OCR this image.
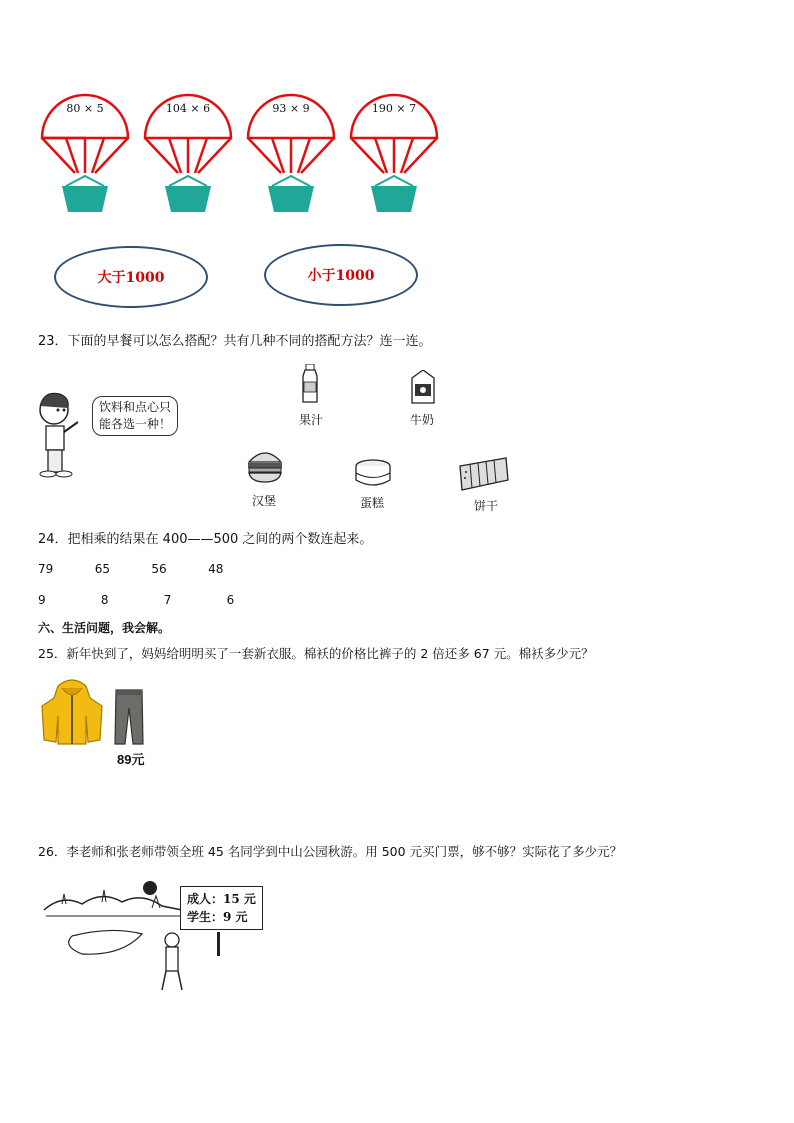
80 × 5	104 × 6	93 × 9	190 × 7
大于1000	小于1000
23．下面的早餐可以怎么搭配？共有几种不同的搭配方法？连一连。
饮料和点心只
能各选一种！	果汁	牛奶
汉堡	蛋糕	饼干
24．把相乘的结果在 400——500 之间的两个数连起来。
79   65   56   48
9    8    7    6
六、生活问题，我会解。
25．新年快到了，妈妈给明明买了一套新衣服。棉袄的价格比裤子的 2 倍还多 67 元。棉袄多少元？
89元
26．李老师和张老师带领全班 45 名同学到中山公园秋游。用 500 元买门票，够不够？实际花了多少元？
成人：15 元
学生：9 元
